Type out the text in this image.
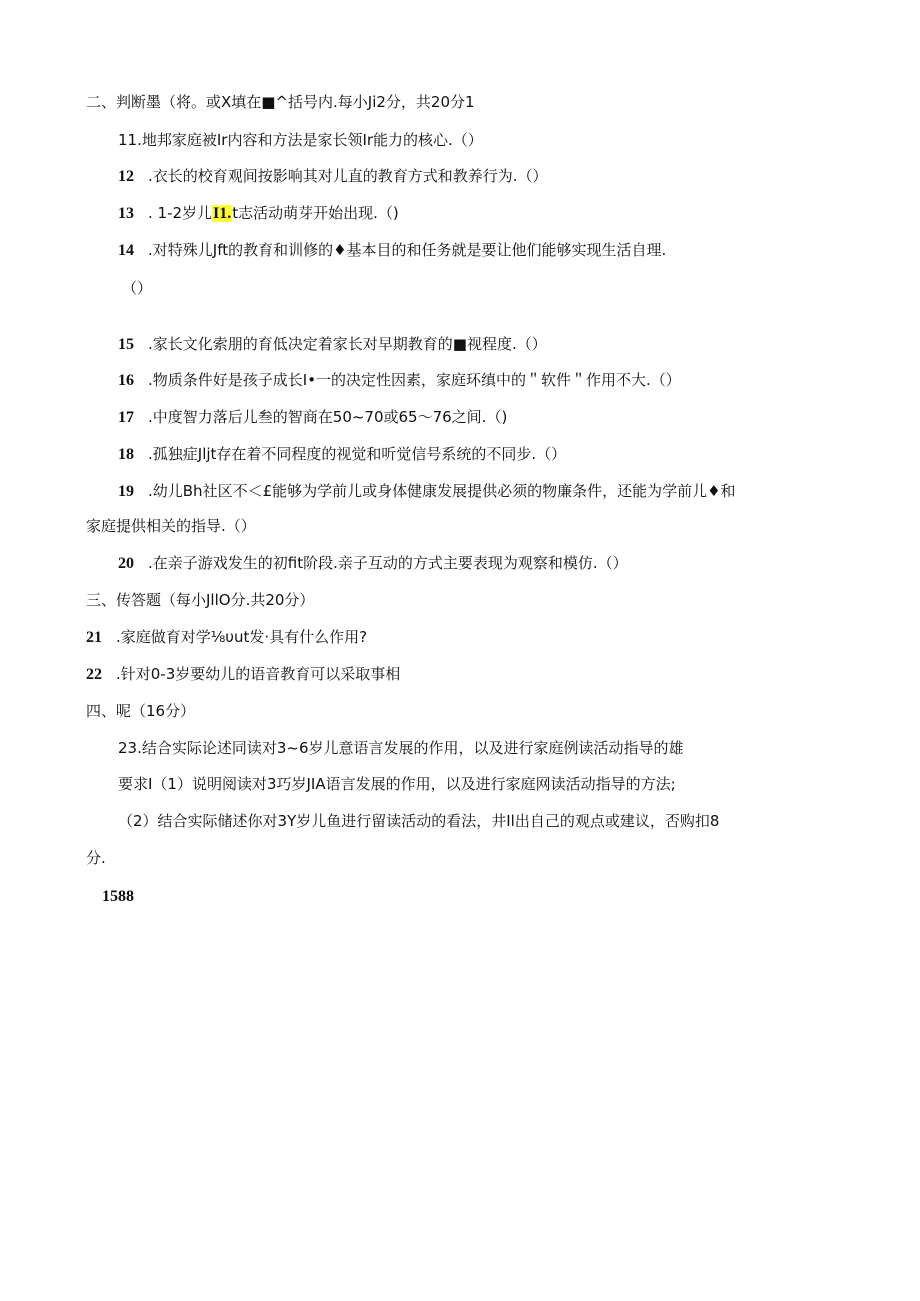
二、判断墨（将。或X填在■^括号内.每小Ji2分，共20分1
11.地邦家庭被Ir内容和方法是家长领Ir能力的核心.（）
12 .衣长的校育观间按影响其对儿直的教育方式和教养行为.（）
13 . 1-2岁儿I1.t志活动萌芽开始出现.（)
14 .对特殊儿Jft的教育和训修的♦基本目的和任务就是要让他们能够实现生活自理.
（）
15 .家长文化索朋的育低决定着家长对早期教育的■视程度.（）
16 .物质条件好是孩子成长I•一的决定性因素，家庭环缜中的＂软件＂作用不大.（）
17 .中度智力落后儿叁的智商在50~70或65～76之间.（)
18 .孤独症Jljt存在着不同程度的视觉和听觉信号系统的不同步.（）
19 .幼儿Bh社区不＜£能够为学前儿或身体健康发展提供必须的物廉条件，还能为学前儿♦和
家庭提供相关的指导.（）
20 .在亲子游戏发生的初fit阶段.亲子互动的方式主要表现为观察和模仿.（）
三、传答题（每小JllO分.共20分）
21 .家庭做育对学⅛υut发·具有什么作用?
22 .针对0-3岁要幼儿的语音教育可以采取事相
四、呢（16分）
23.结合实际论述同读对3~6岁儿意语言发展的作用，以及进行家庭例读活动指导的雄
要求I（1）说明阅读对3巧岁JIA语言发展的作用，以及进行家庭网读活动指导的方法;
（2）结合实际储述你对3Y岁儿鱼进行留读活动的看法，井Il出自己的观点或建议，否购扣8
分.
1588
